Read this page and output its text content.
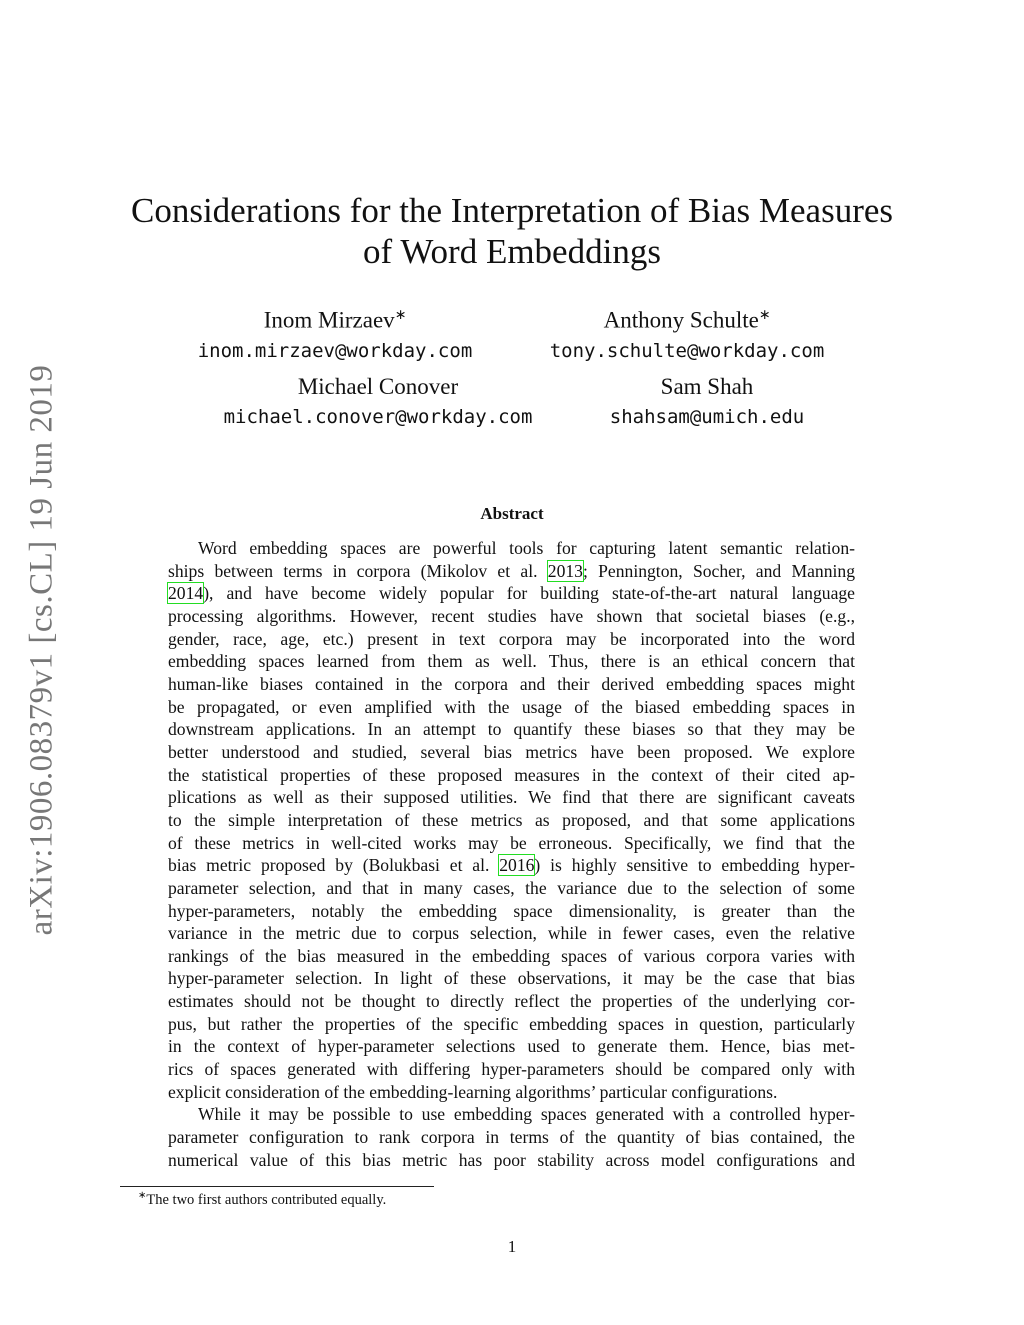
arXiv:1906.08379v1 [cs.CL] 19 Jun 2019
Considerations for the Interpretation of Bias Measures
of Word Embeddings
Inom Mirzaev∗
inom.mirzaev@workday.com
Anthony Schulte∗
tony.schulte@workday.com
Michael Conover
michael.conover@workday.com
Sam Shah
shahsam@umich.edu
Abstract
Word embedding spaces are powerful tools for capturing latent semantic relation-
ships between terms in corpora (Mikolov et al. 2013; Pennington, Socher, and Manning
2014), and have become widely popular for building state-of-the-art natural language
processing algorithms. However, recent studies have shown that societal biases (e.g.,
gender, race, age, etc.) present in text corpora may be incorporated into the word
embedding spaces learned from them as well. Thus, there is an ethical concern that
human-like biases contained in the corpora and their derived embedding spaces might
be propagated, or even amplified with the usage of the biased embedding spaces in
downstream applications. In an attempt to quantify these biases so that they may be
better understood and studied, several bias metrics have been proposed. We explore
the statistical properties of these proposed measures in the context of their cited ap-
plications as well as their supposed utilities. We find that there are significant caveats
to the simple interpretation of these metrics as proposed, and that some applications
of these metrics in well-cited works may be erroneous. Specifically, we find that the
bias metric proposed by (Bolukbasi et al. 2016) is highly sensitive to embedding hyper-
parameter selection, and that in many cases, the variance due to the selection of some
hyper-parameters, notably the embedding space dimensionality, is greater than the
variance in the metric due to corpus selection, while in fewer cases, even the relative
rankings of the bias measured in the embedding spaces of various corpora varies with
hyper-parameter selection. In light of these observations, it may be the case that bias
estimates should not be thought to directly reflect the properties of the underlying cor-
pus, but rather the properties of the specific embedding spaces in question, particularly
in the context of hyper-parameter selections used to generate them. Hence, bias met-
rics of spaces generated with differing hyper-parameters should be compared only with
explicit consideration of the embedding-learning algorithms’ particular configurations.
While it may be possible to use embedding spaces generated with a controlled hyper-
parameter configuration to rank corpora in terms of the quantity of bias contained, the
numerical value of this bias metric has poor stability across model configurations and
∗The two first authors contributed equally.
1
